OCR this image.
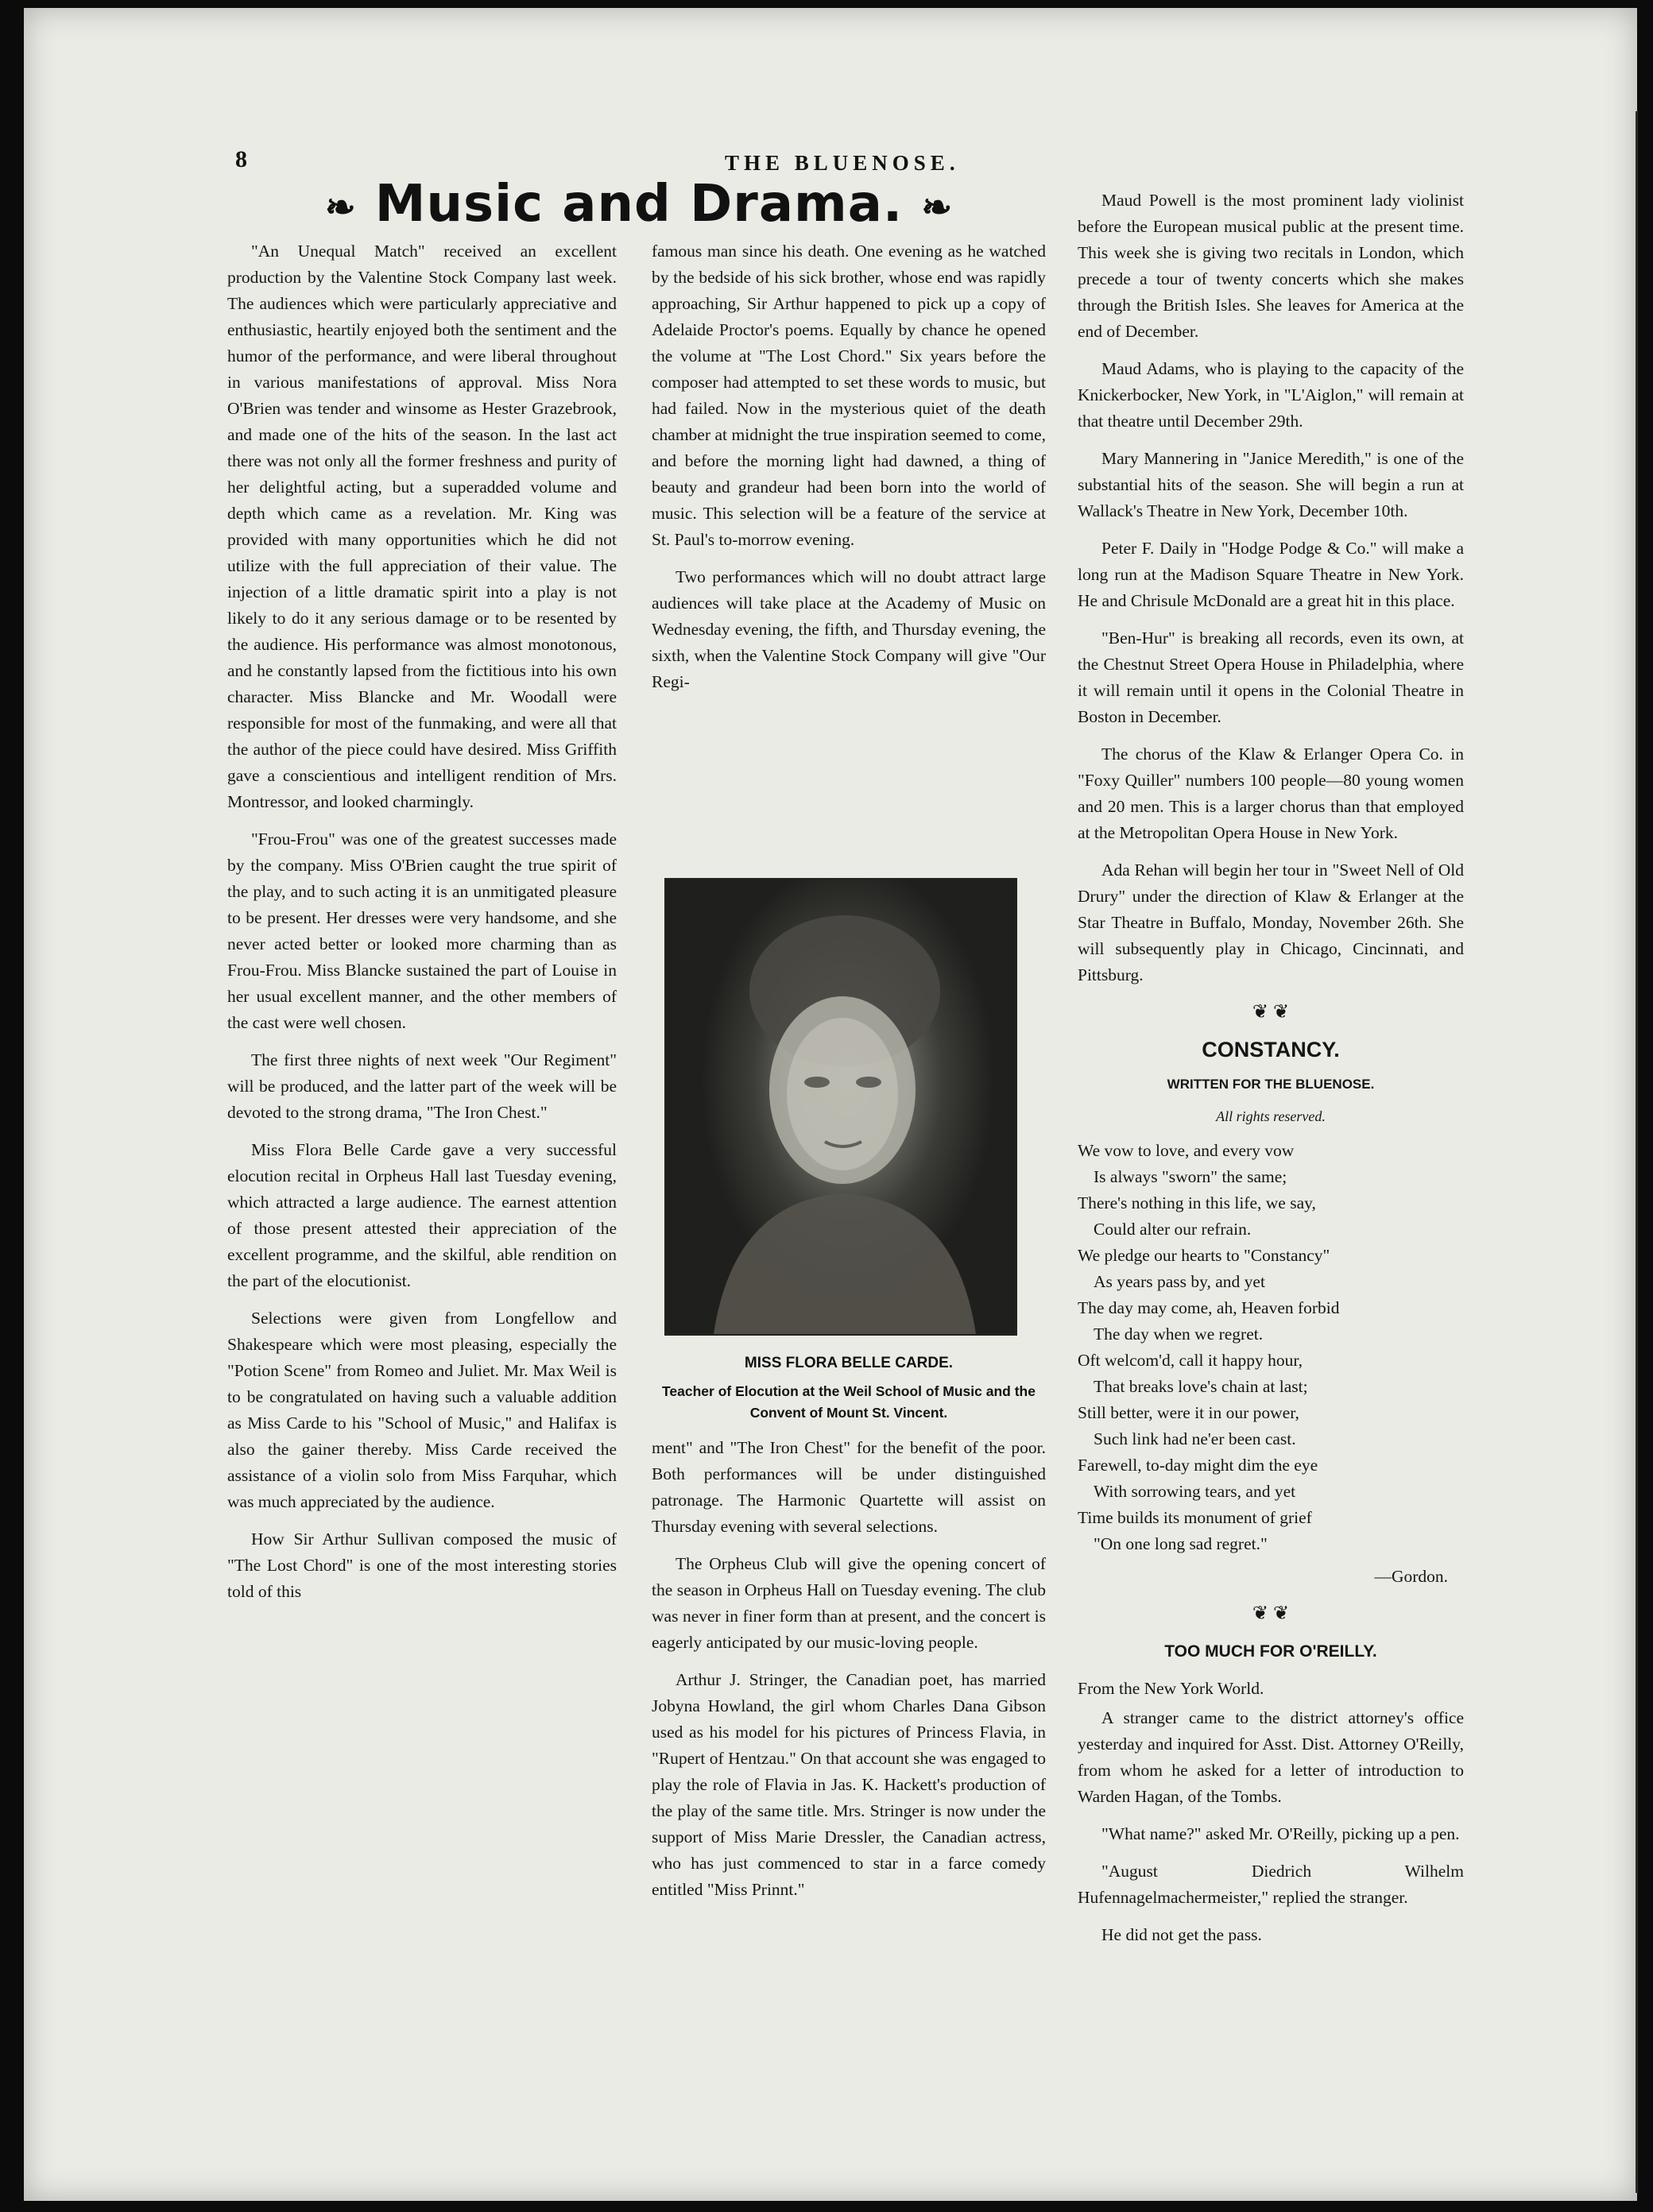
8	THE BLUENOSE.
❧ Music and Drama. ❧

"An Unequal Match" received an excellent production by the Valentine Stock Company last week. The audiences which were particularly appreciative and enthusiastic, heartily enjoyed both the sentiment and the humor of the performance, and were liberal throughout in various manifestations of approval. Miss Nora O'Brien was tender and winsome as Hester Grazebrook, and made one of the hits of the season. In the last act there was not only all the former freshness and purity of her delightful acting, but a superadded volume and depth which came as a revelation. Mr. King was provided with many opportunities which he did not utilize with the full appreciation of their value. The injection of a little dramatic spirit into a play is not likely to do it any serious damage or to be resented by the audience. His performance was almost monotonous, and he constantly lapsed from the fictitious into his own character. Miss Blancke and Mr. Woodall were responsible for most of the funmaking, and were all that the author of the piece could have desired. Miss Griffith gave a conscientious and intelligent rendition of Mrs. Montressor, and looked charmingly.

"Frou-Frou" was one of the greatest successes made by the company. Miss O'Brien caught the true spirit of the play, and to such acting it is an unmitigated pleasure to be present. Her dresses were very handsome, and she never acted better or looked more charming than as Frou-Frou. Miss Blancke sustained the part of Louise in her usual excellent manner, and the other members of the cast were well chosen.

The first three nights of next week "Our Regiment" will be produced, and the latter part of the week will be devoted to the strong drama, "The Iron Chest."

Miss Flora Belle Carde gave a very successful elocution recital in Orpheus Hall last Tuesday evening, which attracted a large audience. The earnest attention of those present attested their appreciation of the excellent programme, and the skilful, able rendition on the part of the elocutionist.

Selections were given from Longfellow and Shakespeare which were most pleasing, especially the "Potion Scene" from Romeo and Juliet. Mr. Max Weil is to be congratulated on having such a valuable addition as Miss Carde to his "School of Music," and Halifax is also the gainer thereby. Miss Carde received the assistance of a violin solo from Miss Farquhar, which was much appreciated by the audience.

How Sir Arthur Sullivan composed the music of "The Lost Chord" is one of the most interesting stories told of this

famous man since his death. One evening as he watched by the bedside of his sick brother, whose end was rapidly approaching, Sir Arthur happened to pick up a copy of Adelaide Proctor's poems. Equally by chance he opened the volume at "The Lost Chord." Six years before the composer had attempted to set these words to music, but had failed. Now in the mysterious quiet of the death chamber at midnight the true inspiration seemed to come, and before the morning light had dawned, a thing of beauty and grandeur had been born into the world of music. This selection will be a feature of the service at St. Paul's to-morrow evening.

Two performances which will no doubt attract large audiences will take place at the Academy of Music on Wednesday evening, the fifth, and Thursday evening, the sixth, when the Valentine Stock Company will give "Our Regi-

MISS FLORA BELLE CARDE.
Teacher of Elocution at the Weil School of Music and the Convent of Mount St. Vincent.

ment" and "The Iron Chest" for the benefit of the poor. Both performances will be under distinguished patronage. The Harmonic Quartette will assist on Thursday evening with several selections.

The Orpheus Club will give the opening concert of the season in Orpheus Hall on Tuesday evening. The club was never in finer form than at present, and the concert is eagerly anticipated by our music-loving people.

Arthur J. Stringer, the Canadian poet, has married Jobyna Howland, the girl whom Charles Dana Gibson used as his model for his pictures of Princess Flavia, in "Rupert of Hentzau." On that account she was engaged to play the role of Flavia in Jas. K. Hackett's production of the play of the same title. Mrs. Stringer is now under the support of Miss Marie Dressler, the Canadian actress, who has just commenced to star in a farce comedy entitled "Miss Prinnt."

Maud Powell is the most prominent lady violinist before the European musical public at the present time. This week she is giving two recitals in London, which precede a tour of twenty concerts which she makes through the British Isles. She leaves for America at the end of December.

Maud Adams, who is playing to the capacity of the Knickerbocker, New York, in "L'Aiglon," will remain at that theatre until December 29th.

Mary Mannering in "Janice Meredith," is one of the substantial hits of the season. She will begin a run at Wallack's Theatre in New York, December 10th.

Peter F. Daily in "Hodge Podge & Co." will make a long run at the Madison Square Theatre in New York. He and Chrisule McDonald are a great hit in this place.

"Ben-Hur" is breaking all records, even its own, at the Chestnut Street Opera House in Philadelphia, where it will remain until it opens in the Colonial Theatre in Boston in December.

The chorus of the Klaw & Erlanger Opera Co. in "Foxy Quiller" numbers 100 people—80 young women and 20 men. This is a larger chorus than that employed at the Metropolitan Opera House in New York.

Ada Rehan will begin her tour in "Sweet Nell of Old Drury" under the direction of Klaw & Erlanger at the Star Theatre in Buffalo, Monday, November 26th. She will subsequently play in Chicago, Cincinnati, and Pittsburg.

❦ ❦

CONSTANCY.

WRITTEN FOR THE BLUENOSE.

All rights reserved.

We vow to love, and every vow
Is always "sworn" the same;
There's nothing in this life, we say,
Could alter our refrain.
We pledge our hearts to "Constancy"
As years pass by, and yet
The day may come, ah, Heaven forbid
The day when we regret.
Oft welcom'd, call it happy hour,
That breaks love's chain at last;
Still better, were it in our power,
Such link had ne'er been cast.
Farewell, to-day might dim the eye
With sorrowing tears, and yet
Time builds its monument of grief
"On one long sad regret."

—Gordon.

❦ ❦

TOO MUCH FOR O'REILLY.

From the New York World.

A stranger came to the district attorney's office yesterday and inquired for Asst. Dist. Attorney O'Reilly, from whom he asked for a letter of introduction to Warden Hagan, of the Tombs.

"What name?" asked Mr. O'Reilly, picking up a pen.

"August Diedrich Wilhelm Hufennagelmachermeister," replied the stranger.

He did not get the pass.
